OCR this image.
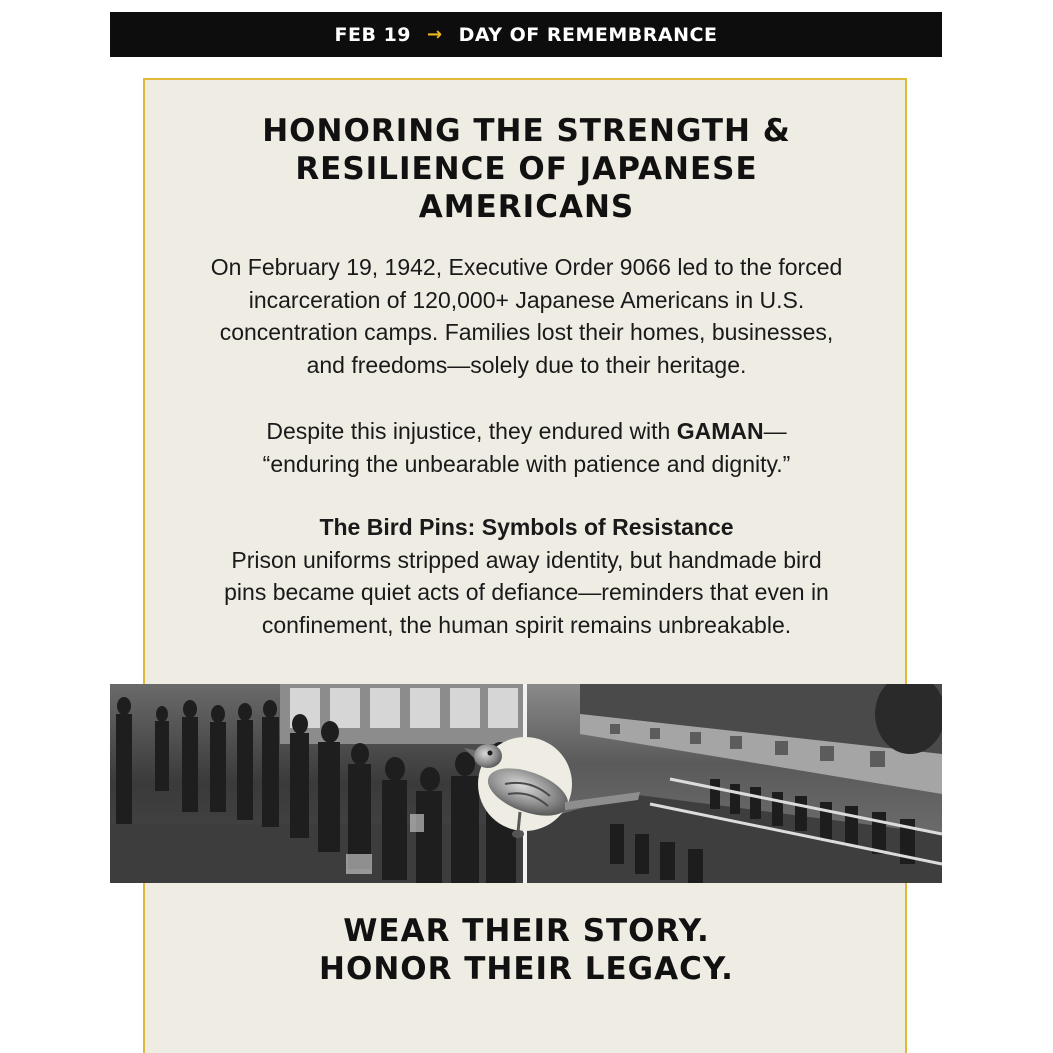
FEB 19 → DAY OF REMEMBRANCE
HONORING THE STRENGTH &
RESILIENCE OF JAPANESE
AMERICANS
On February 19, 1942, Executive Order 9066 led to the forced
incarceration of 120,000+ Japanese Americans in U.S.
concentration camps. Families lost their homes, businesses,
and freedoms—solely due to their heritage.
Despite this injustice, they endured with GAMAN—
“enduring the unbearable with patience and dignity.”
The Bird Pins: Symbols of Resistance
Prison uniforms stripped away identity, but handmade bird
pins became quiet acts of defiance—reminders that even in
confinement, the human spirit remains unbreakable.
WEAR THEIR STORY.
HONOR THEIR LEGACY.
